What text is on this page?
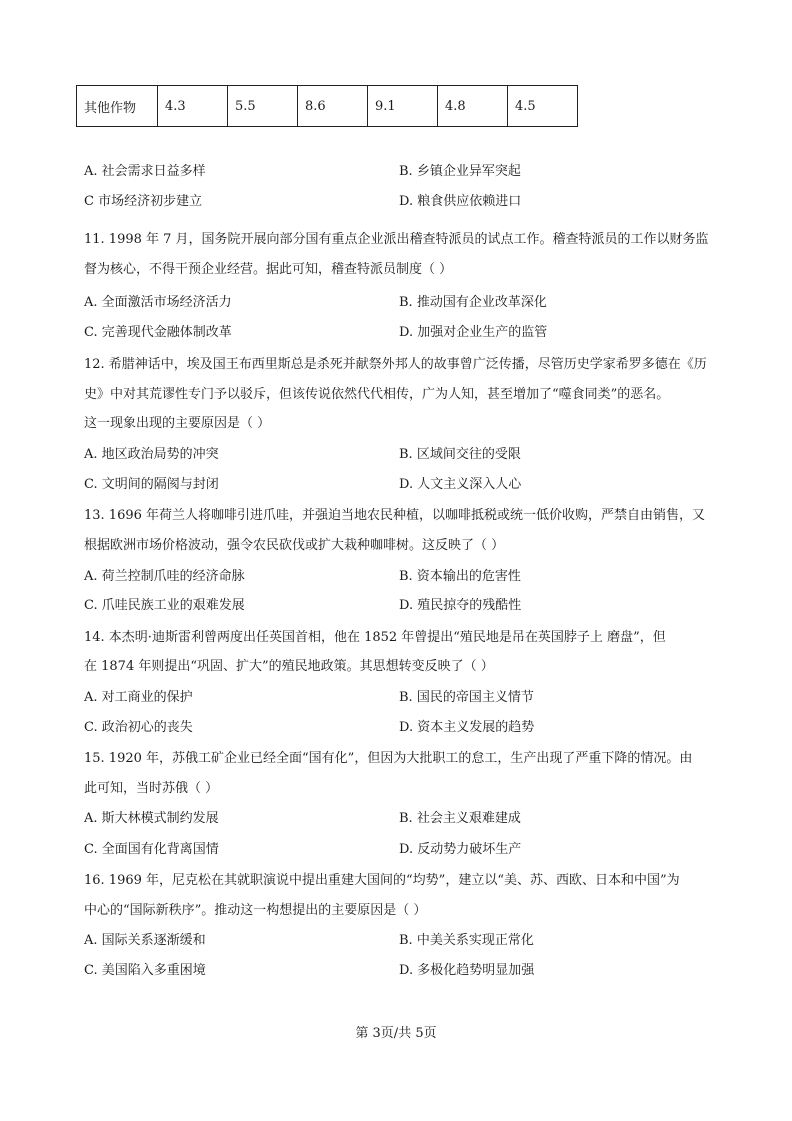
其他作物	4.3	5.5	8.6	9.1	4.8	4.5
A. 社会需求日益多样	B. 乡镇企业异军突起
C 市场经济初步建立	D. 粮食供应依赖进口
11. 1998 年 7 月，国务院开展向部分国有重点企业派出稽查特派员的试点工作。稽查特派员的工作以财务监
督为核心，不得干预企业经营。据此可知，稽查特派员制度（ ）
A. 全面激活市场经济活力	B. 推动国有企业改革深化
C. 完善现代金融体制改革	D. 加强对企业生产的监管
12. 希腊神话中，埃及国王布西里斯总是杀死并献祭外邦人的故事曾广泛传播，尽管历史学家希罗多德在《历
史》中对其荒谬性专门予以驳斥，但该传说依然代代相传，广为人知，甚至增加了“噬食同类”的恶名。
这一现象出现的主要原因是（ ）
A. 地区政治局势的冲突	B. 区域间交往的受限
C. 文明间的隔阂与封闭	D. 人文主义深入人心
13. 1696 年荷兰人将咖啡引进爪哇，并强迫当地农民种植，以咖啡抵税或统一低价收购，严禁自由销售，又
根据欧洲市场价格波动，强令农民砍伐或扩大栽种咖啡树。这反映了（ ）
A. 荷兰控制爪哇的经济命脉	B. 资本输出的危害性
C. 爪哇民族工业的艰难发展	D. 殖民掠夺的残酷性
14. 本杰明·迪斯雷利曾两度出任英国首相，他在 1852 年曾提出“殖民地是吊在英国脖子上 磨盘”，但
在 1874 年则提出“巩固、扩大”的殖民地政策。其思想转变反映了（ ）
A. 对工商业的保护	B. 国民的帝国主义情节
C. 政治初心的丧失	D. 资本主义发展的趋势
15. 1920 年，苏俄工矿企业已经全面“国有化”，但因为大批职工的怠工，生产出现了严重下降的情况。由
此可知，当时苏俄（ ）
A. 斯大林模式制约发展	B. 社会主义艰难建成
C. 全面国有化背离国情	D. 反动势力破坏生产
16. 1969 年，尼克松在其就职演说中提出重建大国间的“均势”，建立以“美、苏、西欧、日本和中国”为
中心的“国际新秩序”。推动这一构想提出的主要原因是（ ）
A. 国际关系逐渐缓和	B. 中美关系实现正常化
C. 美国陷入多重困境	D. 多极化趋势明显加强
第 3页/共 5页
